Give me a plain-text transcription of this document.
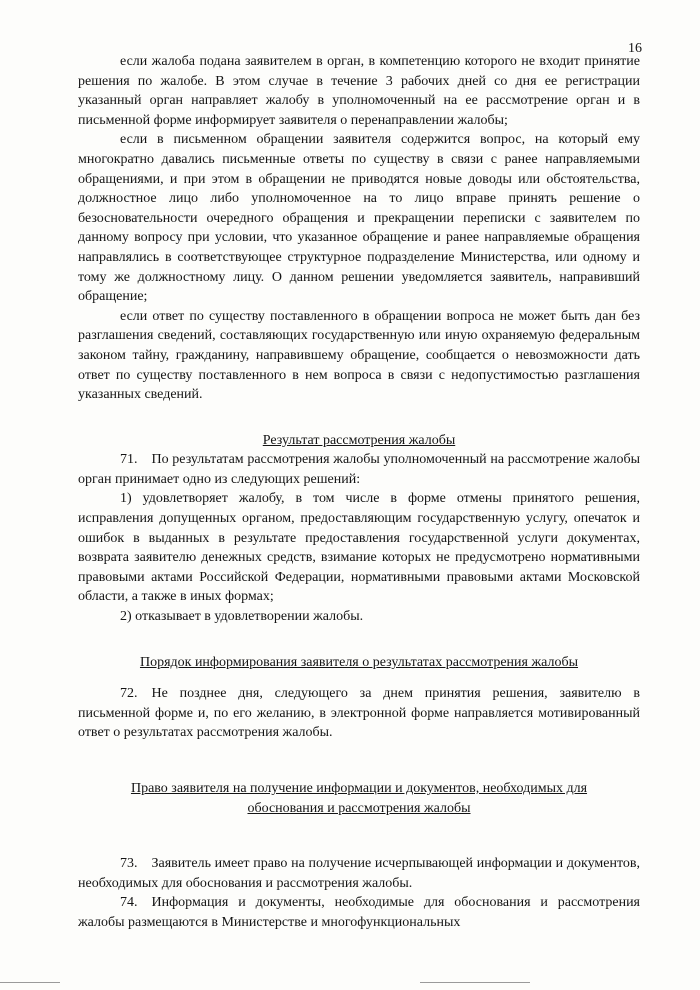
16

если жалоба подана заявителем в орган, в компетенцию которого не входит принятие решения по жалобе. В этом случае в течение 3 рабочих дней со дня ее регистрации указанный орган направляет жалобу в уполномоченный на ее рассмотрение орган и в письменной форме информирует заявителя о перенаправлении жалобы;

если в письменном обращении заявителя содержится вопрос, на который ему многократно давались письменные ответы по существу в связи с ранее направляемыми обращениями, и при этом в обращении не приводятся новые доводы или обстоятельства, должностное лицо либо уполномоченное на то лицо вправе принять решение о безосновательности очередного обращения и прекращении переписки с заявителем по данному вопросу при условии, что указанное обращение и ранее направляемые обращения направлялись в соответствующее структурное подразделение Министерства, или одному и тому же должностному лицу. О данном решении уведомляется заявитель, направивший обращение;

если ответ по существу поставленного в обращении вопроса не может быть дан без разглашения сведений, составляющих государственную или иную охраняемую федеральным законом тайну, гражданину, направившему обращение, сообщается о невозможности дать ответ по существу поставленного в нем вопроса в связи с недопустимостью разглашения указанных сведений.

Результат рассмотрения жалобы

71. По результатам рассмотрения жалобы уполномоченный на рассмотрение жалобы орган принимает одно из следующих решений:

1) удовлетворяет жалобу, в том числе в форме отмены принятого решения, исправления допущенных органом, предоставляющим государственную услугу, опечаток и ошибок в выданных в результате предоставления государственной услуги документах, возврата заявителю денежных средств, взимание которых не предусмотрено нормативными правовыми актами Российской Федерации, нормативными правовыми актами Московской области, а также в иных формах;

2) отказывает в удовлетворении жалобы.

Порядок информирования заявителя о результатах рассмотрения жалобы

72. Не позднее дня, следующего за днем принятия решения, заявителю в письменной форме и, по его желанию, в электронной форме направляется мотивированный ответ о результатах рассмотрения жалобы.

Право заявителя на получение информации и документов, необходимых для

обоснования и рассмотрения жалобы

73. Заявитель имеет право на получение исчерпывающей информации и документов, необходимых для обоснования и рассмотрения жалобы.

74. Информация и документы, необходимые для обоснования и рассмотрения жалобы размещаются в Министерстве и многофункциональных
